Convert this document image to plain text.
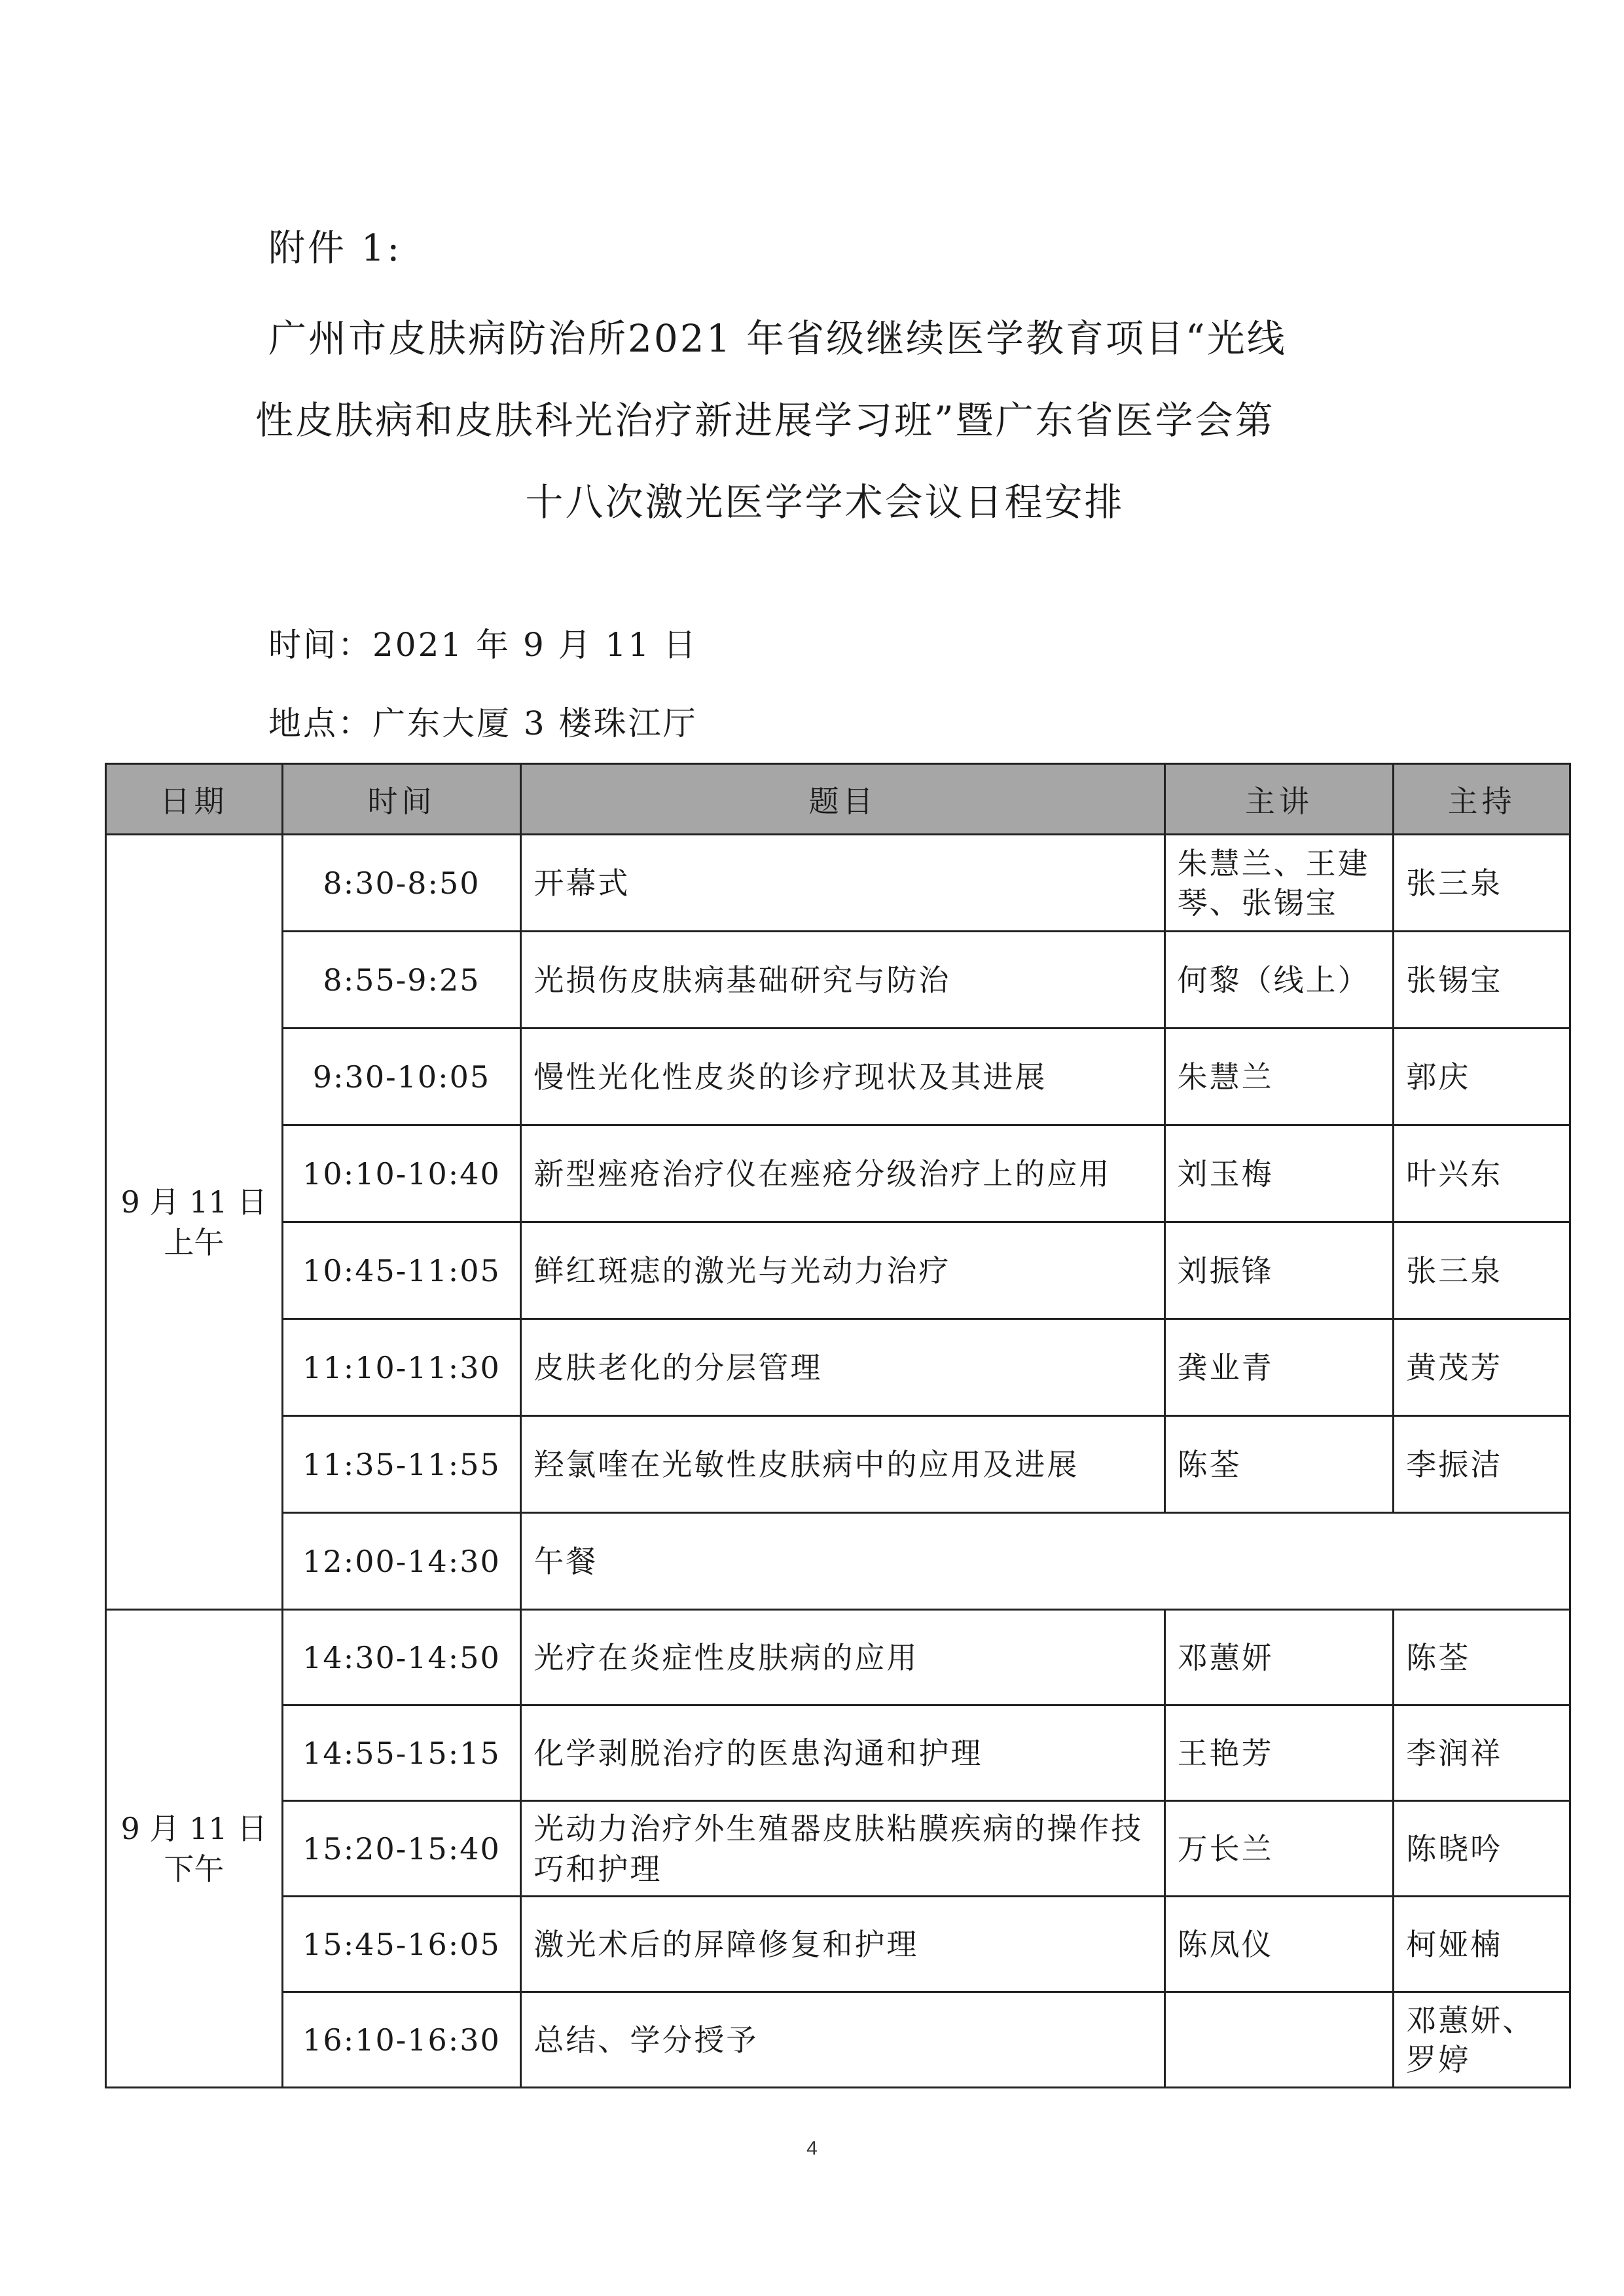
附件 1:
广州市皮肤病防治所2021 年省级继续医学教育项目“光线
性皮肤病和皮肤科光治疗新进展学习班”暨广东省医学会第
十八次激光医学学术会议日程安排
时间：2021 年 9 月 11 日
地点：广东大厦 3 楼珠江厅
日期	时间	题目	主讲	主持

9 月 11 日
上午	8:30-8:50	开幕式	朱慧兰、王建琴、张锡宝	张三泉
	8:55-9:25	光损伤皮肤病基础研究与防治	何黎（线上）	张锡宝
	9:30-10:05	慢性光化性皮炎的诊疗现状及其进展	朱慧兰	郭庆
	10:10-10:40	新型痤疮治疗仪在痤疮分级治疗上的应用	刘玉梅	叶兴东
	10:45-11:05	鲜红斑痣的激光与光动力治疗	刘振锋	张三泉
	11:10-11:30	皮肤老化的分层管理	龚业青	黄茂芳
	11:35-11:55	羟氯喹在光敏性皮肤病中的应用及进展	陈荃	李振洁
	12:00-14:30	午餐		

9 月 11 日
下午	14:30-14:50	光疗在炎症性皮肤病的应用	邓蕙妍	陈荃
	14:55-15:15	化学剥脱治疗的医患沟通和护理	王艳芳	李润祥
	15:20-15:40	光动力治疗外生殖器皮肤粘膜疾病的操作技巧和护理	万长兰	陈晓吟
	15:45-16:05	激光术后的屏障修复和护理	陈凤仪	柯娅楠
	16:10-16:30	总结、学分授予		邓蕙妍、罗婷
4
